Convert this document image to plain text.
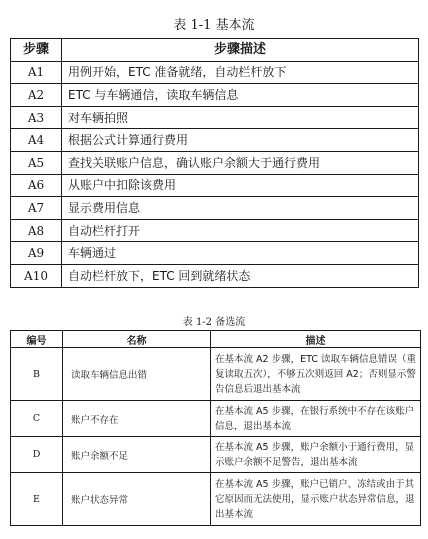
表 1-1 基本流
步骤	步骤描述
A1	用例开始，ETC 准备就绪，自动栏杆放下
A2	ETC 与车辆通信，读取车辆信息
A3	对车辆拍照
A4	根据公式计算通行费用
A5	查找关联账户信息，确认账户余额大于通行费用
A6	从账户中扣除该费用
A7	显示费用信息
A8	自动栏杆打开
A9	车辆通过
A10	自动栏杆放下，ETC 回到就绪状态
表 1-2 备选流
编号	名称	描述
B	读取车辆信息出错	在基本流 A2 步骤，ETC 读取车辆信息错误（重复读取五次），不够五次则返回 A2；否则显示警告信息后退出基本流
C	账户不存在	在基本流 A5 步骤，在银行系统中不存在该账户信息，退出基本流
D	账户余额不足	在基本流 A5 步骤，账户余额小于通行费用，显示账户余额不足警告，退出基本流
E	账户状态异常	在基本流 A5 步骤，账户已销户、冻结或由于其它原因而无法使用，显示账户状态异常信息，退出基本流
